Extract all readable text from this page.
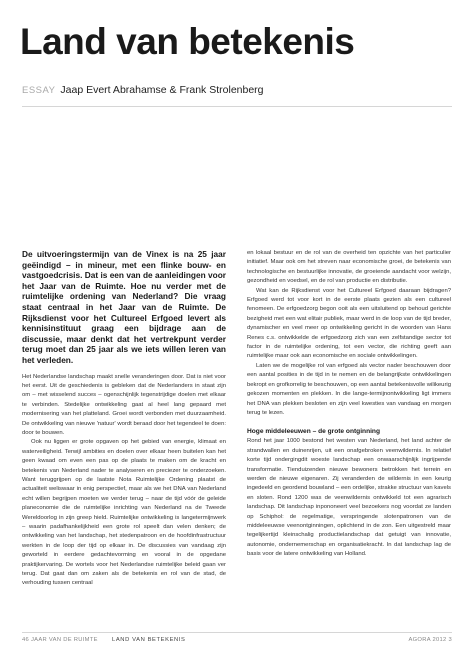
Land van betekenis
ESSAY Jaap Evert Abrahamse & Frank Strolenberg

De uitvoeringstermijn van de Vinex is na 25 jaar geëindigd – in mineur, met een flinke bouw- en vastgoedcrisis. Dat is een van de aanleidingen voor het Jaar van de Ruimte. Hoe nu verder met de ruimtelijke ordening van Nederland? Die vraag staat centraal in het Jaar van de Ruimte. De Rijksdienst voor het Cultureel Erfgoed levert als kennisinstituut graag een bijdrage aan de discussie, maar denkt dat het vertrekpunt verder terug moet dan 25 jaar als we iets willen leren van het verleden.

Het Nederlandse landschap maakt snelle veranderingen door. Dat is niet voor het eerst. Uit de geschiedenis is gebleken dat de Nederlanders in staat zijn om – met wisselend succes – ogenschijnlijk tegenstrijdige doelen met elkaar te verbinden. Stedelijke ontwikkeling gaat al heel lang gepaard met modernisering van het platteland. Groei wordt verbonden met duurzaamheid. De ontwikkeling van nieuwe 'natuur' wordt beraad door het tegendeel te doen: door te bouwen.

Ook nu liggen er grote opgaven op het gebied van energie, klimaat en waterveiligheid. Terwijl ambities en doelen over elkaar heen buitelen kan het geen kwaad om even een pas op de plaats te maken om de kracht en betekenis van Nederland nader te analyseren en preciezer te onderzoeken. Want teruggrijpen op de laatste Nota Ruimtelijke Ordening plaatst de actualiteit weliswaar in enig perspectief, maar als we het DNA van Nederland echt willen begrijpen moeten we verder terug – naar de tijd vóór de geleide planeconomie die de ruimtelijke inrichting van Nederland na de Tweede Wereldoorlog in zijn greep hield. Ruimtelijke ontwikkeling is langetermijnwerk – waarin padafhankelijkheid een grote rol speelt dan velen denken; de ontwikkeling van het landschap, het stedenpatroon en de hoofdinfrastructuur werkten in de loop der tijd op elkaar in. De discussies van vandaag zijn geworteld in eerdere gedachtevorming en vooral in de opgedane praktijkervaring. De wortels voor het Nederlandse ruimtelijke beleid gaan ver terug. Dat gaat dan om zaken als de betekenis en rol van de stad, de verhouding tussen centraal

en lokaal bestuur en de rol van de overheid ten opzichte van het particulier initiatief. Maar ook om het streven naar economische groei, de betekenis van technologische en bestuurlijke innovatie, de groeiende aandacht voor welzijn, gezondheid en voedsel, en de rol van productie en distributie.

Wat kan de Rijksdienst voor het Cultureel Erfgoed daaraan bijdragen? Erfgoed werd tot voor kort in de eerste plaats gezien als een cultureel fenomeen. De erfgoedzorg begon ooit als een uitsluitend op behoud gerichte bezigheid met een wat elitair publiek, maar werd in de loop van de tijd breder, dynamischer en veel meer op ontwikkeling gericht in de woorden van Hans Renes c.s. ontwikkelde de erfgoedzorg zich van een zelfstandige sector tot factor in de ruimtelijke ordening, tot een vector, die richting geeft aan ruimtelijke maar ook aan economische en sociale ontwikkelingen.

Laten we de mogelijke rol van erfgoed als vector nader beschouwen door een aantal posities in de tijd in te nemen en de belangrijkste ontwikkelingen bekropt en grofkorrelig te beschouwen, op een aantal betekenisvolle wilikeurig gekozen momenten en plekken. In die lange-termijnontwikkeling ligt immers het DNA van plekken besloten en zijn veel kwesties van vandaag en morgen terug te lezen.

Hoge middeleeuwen – de grote ontginning

Rond het jaar 1000 bestond het westen van Nederland, het land achter de strandwallen en duinenrijen, uit een onafgebroken veenwildernis. In relatief korte tijd ondergingdit woeste landschap een onwaarschijnlijk ingrijpende transformatie. Tienduizenden nieuwe bewoners betrokken het terrein en werden de nieuwe eigenaren. Zij veranderden de wildernis in een keurig ingedeeld en geordend bouwland – een ordelijke, strakke structuur van kavels en sloten. Rond 1200 was de veenwildernis ontwikkeld tot een agrarisch landschap. Dit landschap inpononeert veel bezoekers nog voordat ze landen op Schiphol: de regelmatige, verspringende slotenpatronen van de middeleeuwse veenontginningen, oplichtend in de zon. Een uitgestreld maar tegelijkertijd kleinschalig productielandschap dat getuigt van innovatie, autonomie, ondernemerschap en organisatiekracht. In dat landschap lag de basis voor de latere ontwikkeling van Holland.

46 JAAR VAN DE RUIMTE LAND VAN BETEKENIS	AGORA 2012 3
